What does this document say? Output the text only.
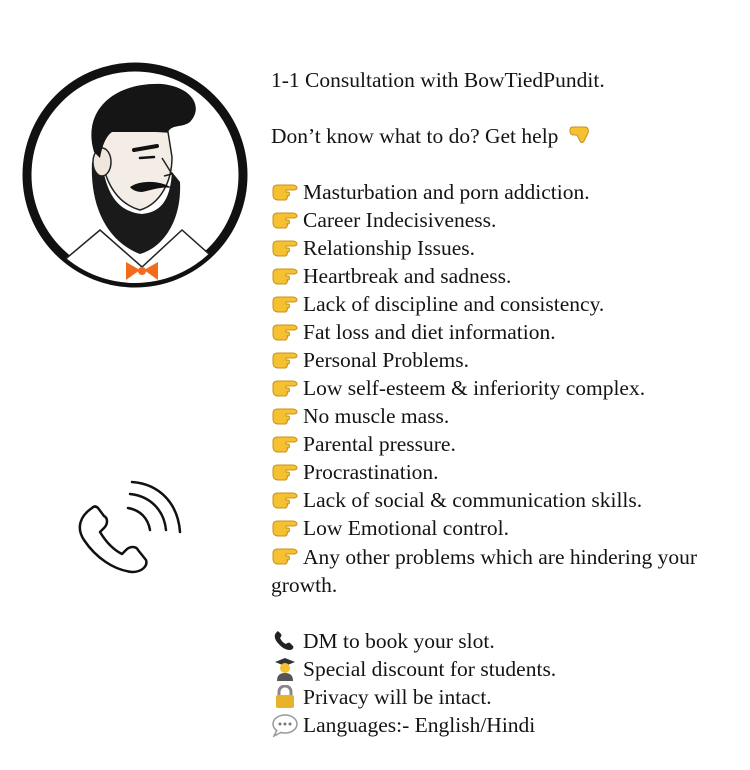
1-1 Consultation with BowTiedPundit.
Don’t know what to do? Get help
Masturbation and porn addiction.
Career Indecisiveness.
Relationship Issues.
Heartbreak and sadness.
Lack of discipline and consistency.
Fat loss and diet information.
Personal Problems.
Low self-esteem & inferiority complex.
No muscle mass.
Parental pressure.
Procrastination.
Lack of social & communication skills.
Low Emotional control.
Any other problems which are hindering your growth.
DM to book your slot.
Special discount for students.
Privacy will be intact.
Languages:- English/Hindi
